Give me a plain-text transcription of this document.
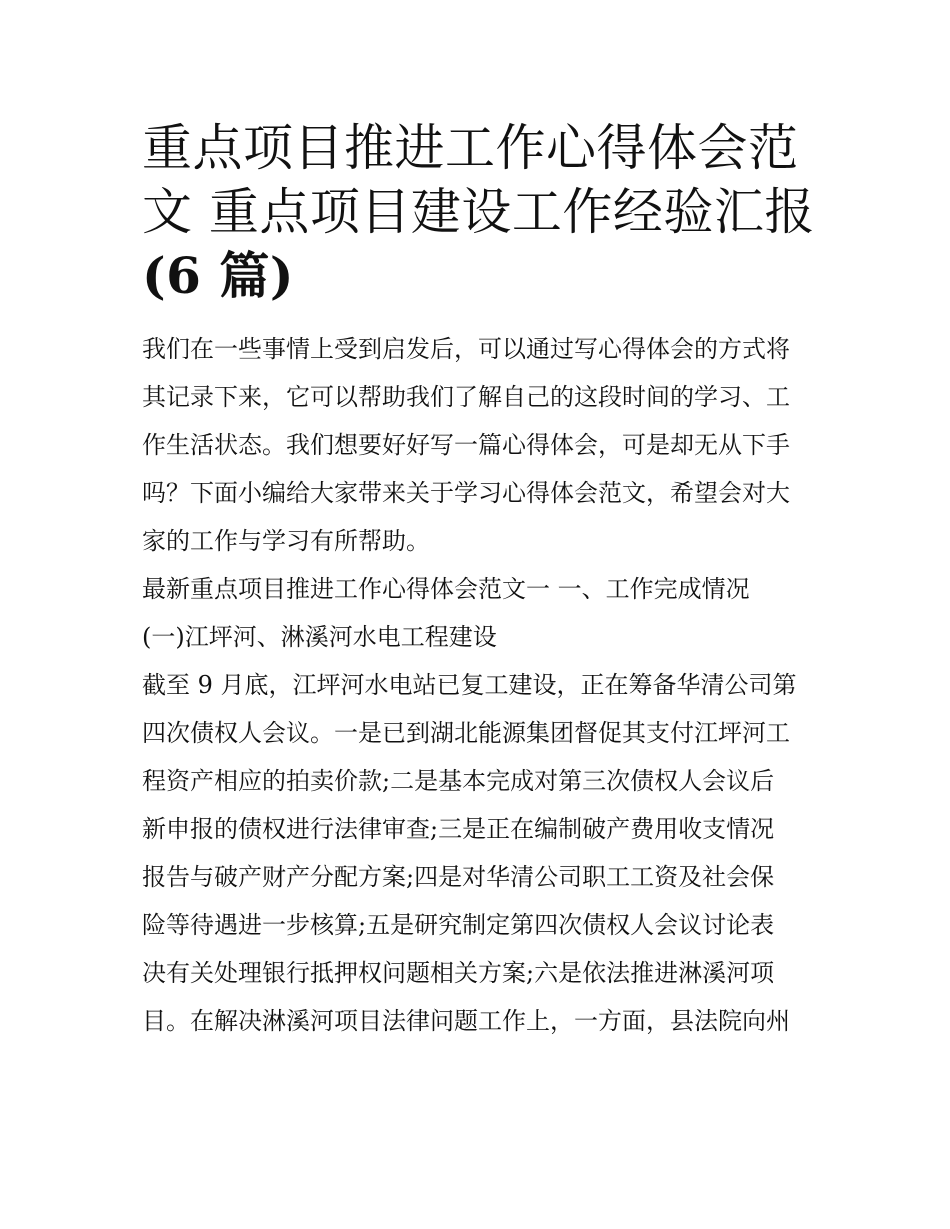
重点项目推进工作心得体会范
文 重点项目建设工作经验汇报
(6 篇)
我们在一些事情上受到启发后，可以通过写心得体会的方式将
其记录下来，它可以帮助我们了解自己的这段时间的学习、工
作生活状态。我们想要好好写一篇心得体会，可是却无从下手
吗？下面小编给大家带来关于学习心得体会范文，希望会对大
家的工作与学习有所帮助。
最新重点项目推进工作心得体会范文一 一、工作完成情况
(一)江坪河、淋溪河水电工程建设
截至 9 月底，江坪河水电站已复工建设，正在筹备华清公司第
四次债权人会议。一是已到湖北能源集团督促其支付江坪河工
程资产相应的拍卖价款;二是基本完成对第三次债权人会议后
新申报的债权进行法律审查;三是正在编制破产费用收支情况
报告与破产财产分配方案;四是对华清公司职工工资及社会保
险等待遇进一步核算;五是研究制定第四次债权人会议讨论表
决有关处理银行抵押权问题相关方案;六是依法推进淋溪河项
目。在解决淋溪河项目法律问题工作上，一方面，县法院向州
